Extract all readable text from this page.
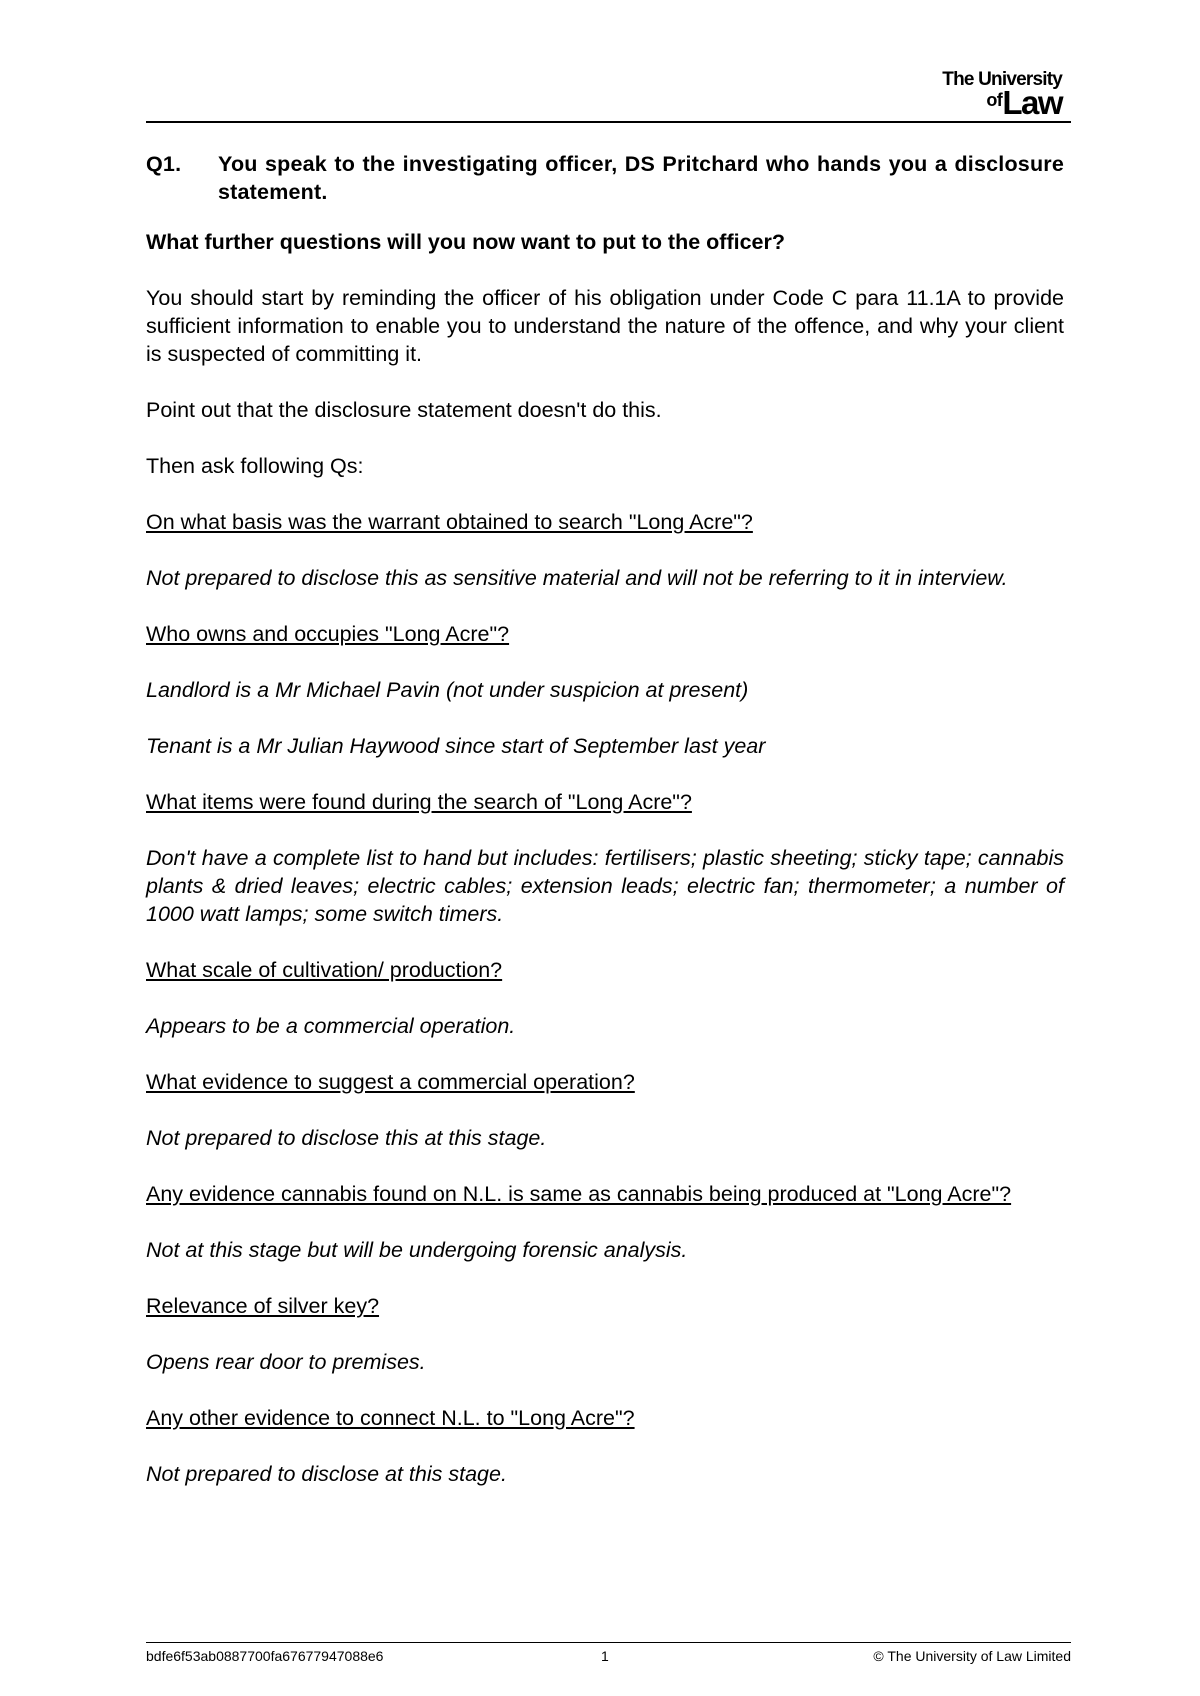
The University
ofLaw
Q1.	You speak to the investigating officer, DS Pritchard who hands you a disclosure statement.

What further questions will you now want to put to the officer?

You should start by reminding the officer of his obligation under Code C para 11.1A to provide sufficient information to enable you to understand the nature of the offence, and why your client is suspected of committing it.

Point out that the disclosure statement doesn't do this.

Then ask following Qs:

On what basis was the warrant obtained to search "Long Acre"?

Not prepared to disclose this as sensitive material and will not be referring to it in interview.

Who owns and occupies "Long Acre"?

Landlord is a Mr Michael Pavin (not under suspicion at present)

Tenant is a Mr Julian Haywood since start of September last year

What items were found during the search of "Long Acre"?

Don't have a complete list to hand but includes: fertilisers; plastic sheeting; sticky tape; cannabis plants & dried leaves; electric cables; extension leads; electric fan; thermometer; a number of 1000 watt lamps; some switch timers.

What scale of cultivation/ production?

Appears to be a commercial operation.

What evidence to suggest a commercial operation?

Not prepared to disclose this at this stage.

Any evidence cannabis found on N.L. is same as cannabis being produced at "Long Acre"?

Not at this stage but will be undergoing forensic analysis.

Relevance of silver key?

Opens rear door to premises.

Any other evidence to connect N.L. to "Long Acre"?

Not prepared to disclose at this stage.

bdfe6f53ab0887700fa67677947088e6	1	© The University of Law Limited
